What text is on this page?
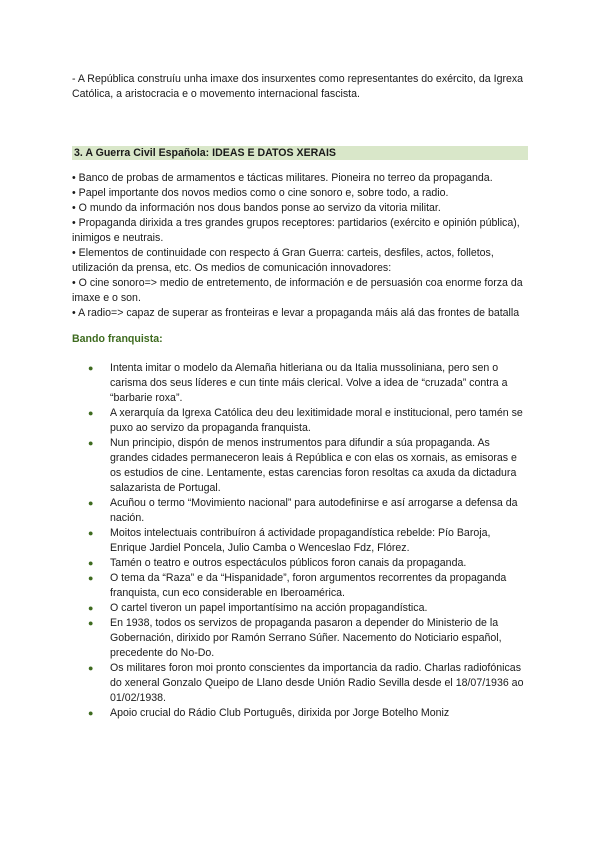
- A República construíu unha imaxe dos insurxentes como representantes do exército, da Igrexa Católica, a aristocracia e o movemento internacional fascista.

3. A Guerra Civil Española: IDEAS E DATOS XERAIS

• Banco de probas de armamentos e tácticas militares. Pioneira no terreo da propaganda.

• Papel importante dos novos medios como o cine sonoro e, sobre todo, a radio.

• O mundo da información nos dous bandos ponse ao servizo da vitoria militar.

• Propaganda dirixida a tres grandes grupos receptores: partidarios (exército e opinión pública), inimigos e neutrais.

• Elementos de continuidade con respecto á Gran Guerra: carteis, desfiles, actos, folletos, utilización da prensa, etc. Os medios de comunicación innovadores:

• O cine sonoro=> medio de entretemento, de información e de persuasión coa enorme forza da imaxe e o son.

• A radio=> capaz de superar as fronteiras e levar a propaganda máis alá das frontes de batalla

Bando franquista:
● Intenta imitar o modelo da Alemaña hitleriana ou da Italia mussoliniana, pero sen o carisma dos seus líderes e cun tinte máis clerical. Volve a idea de “cruzada” contra a “barbarie roxa”.
● A xerarquía da Igrexa Católica deu deu lexitimidade moral e institucional, pero tamén se puxo ao servizo da propaganda franquista.
● Nun principio, dispón de menos instrumentos para difundir a súa propaganda. As grandes cidades permaneceron leais á República e con elas os xornais, as emisoras e os estudios de cine. Lentamente, estas carencias foron resoltas ca axuda da dictadura salazarista de Portugal.
● Acuñou o termo “Movimiento nacional” para autodefinirse e así arrogarse a defensa da nación.
● Moitos intelectuais contribuíron á actividade propagandística rebelde: Pío Baroja, Enrique Jardiel Poncela, Julio Camba o Wenceslao Fdz, Flórez.
● Tamén o teatro e outros espectáculos públicos foron canais da propaganda.
● O tema da “Raza” e da “Hispanidade”, foron argumentos recorrentes da propaganda franquista, cun eco considerable en Iberoamérica.
● O cartel tiveron un papel importantísimo na acción propagandística.
● En 1938, todos os servizos de propaganda pasaron a depender do Ministerio de la Gobernación, dirixido por Ramón Serrano Súñer. Nacemento do Noticiario español, precedente do No-Do.
● Os militares foron moi pronto conscientes da importancia da radio. Charlas radiofónicas do xeneral Gonzalo Queipo de Llano desde Unión Radio Sevilla desde el 18/07/1936 ao 01/02/1938.
● Apoio crucial do Rádio Club Português, dirixida por Jorge Botelho Moniz
